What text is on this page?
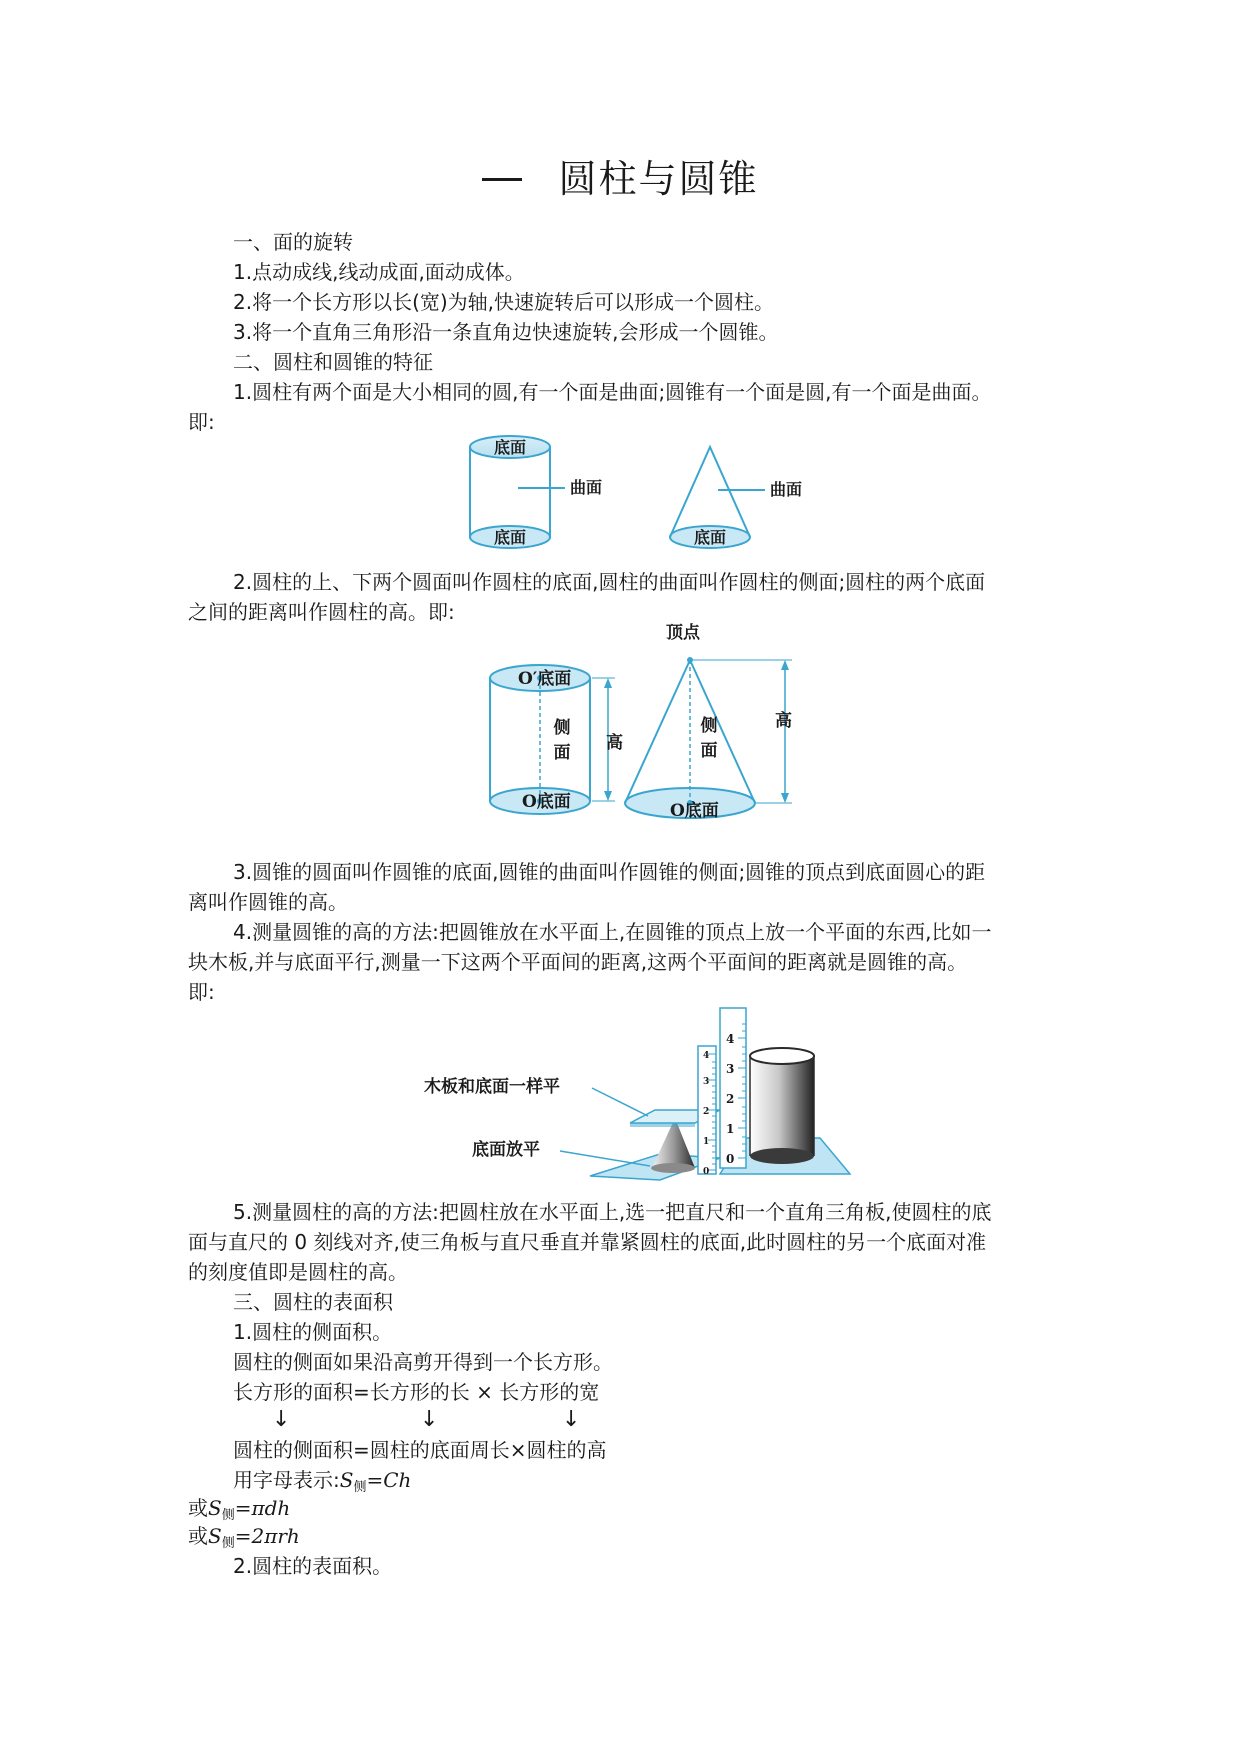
圆柱与圆锥
一、面的旋转
1.点动成线,线动成面,面动成体。
2.将一个长方形以长(宽)为轴,快速旋转后可以形成一个圆柱。
3.将一个直角三角形沿一条直角边快速旋转,会形成一个圆锥。
二、圆柱和圆锥的特征
1.圆柱有两个面是大小相同的圆,有一个面是曲面;圆锥有一个面是圆,有一个面是曲面。
即:
底面
底面
曲面
底面
曲面
2.圆柱的上、下两个圆面叫作圆柱的底面,圆柱的曲面叫作圆柱的侧面;圆柱的两个底面
之间的距离叫作圆柱的高。即:
O′底面
O底面
侧
面 高
顶点
侧
面
O底面
高
3.圆锥的圆面叫作圆锥的底面,圆锥的曲面叫作圆锥的侧面;圆锥的顶点到底面圆心的距
离叫作圆锥的高。
4.测量圆锥的高的方法:把圆锥放在水平面上,在圆锥的顶点上放一个平面的东西,比如一
块木板,并与底面平行,测量一下这两个平面间的距离,这两个平面间的距离就是圆锥的高。
即:
0
1
2
3
4
0
1
2
3
4
木板和底面一样平
底面放平
5.测量圆柱的高的方法:把圆柱放在水平面上,选一把直尺和一个直角三角板,使圆柱的底
面与直尺的 0 刻线对齐,使三角板与直尺垂直并靠紧圆柱的底面,此时圆柱的另一个底面对准
的刻度值即是圆柱的高。
三、圆柱的表面积
1.圆柱的侧面积。
圆柱的侧面如果沿高剪开得到一个长方形。
长方形的面积=长方形的长 × 长方形的宽
↓	↓	↓
圆柱的侧面积=圆柱的底面周长×圆柱的高
用字母表示$:S_侧=Ch$
或$S_侧=\pi dh$
或$S_侧=2\pi rh$
2.圆柱的表面积。
